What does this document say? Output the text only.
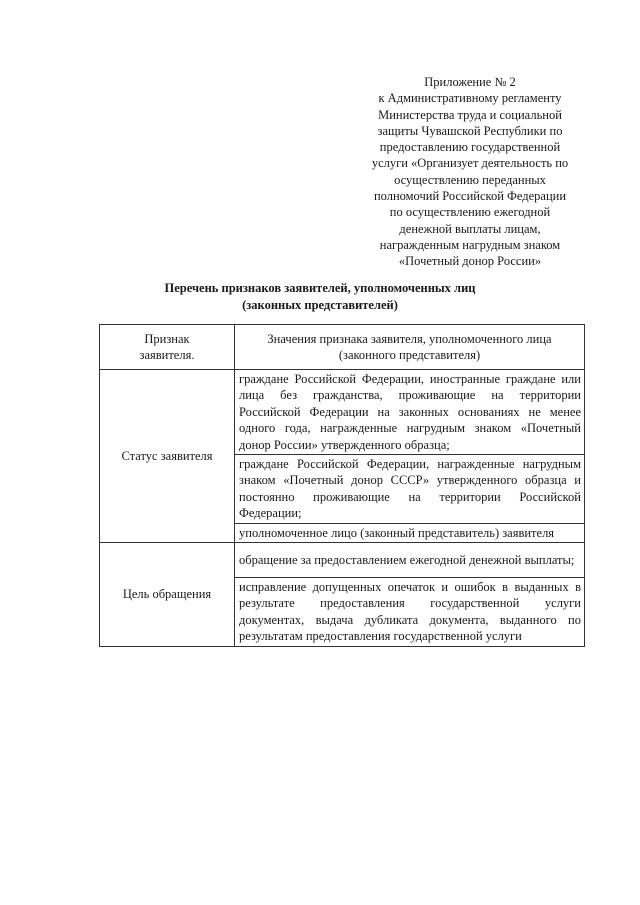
Приложение № 2
к Административному регламенту
Министерства труда и социальной
защиты Чувашской Республики по
предоставлению государственной
услуги «Организует деятельность по
осуществлению переданных
полномочий Российской Федерации
по осуществлению ежегодной
денежной выплаты лицам,
награжденным нагрудным знаком
«Почетный донор России»
Перечень признаков заявителей, уполномоченных лиц
(законных представителей)
Признак заявителя.	Значения признака заявителя, уполномоченного лица (законного представителя)

Статус заявителя	граждане Российской Федерации, иностранные граждане или лица без гражданства, проживающие на территории Российской Федерации на законных основаниях не менее одного года, награжденные нагрудным знаком «Почетный донор России» утвержденного образца;
	граждане Российской Федерации, награжденные нагрудным знаком «Почетный донор СССР» утвержденного образца и постоянно проживающие на территории Российской Федерации;
	уполномоченное лицо (законный представитель) заявителя
Цель обращения	обращение за предоставлением ежегодной денежной выплаты;
	исправление допущенных опечаток и ошибок в выданных в результате предоставления государственной услуги документах, выдача дубликата документа, выданного по результатам предоставления государственной услуги
